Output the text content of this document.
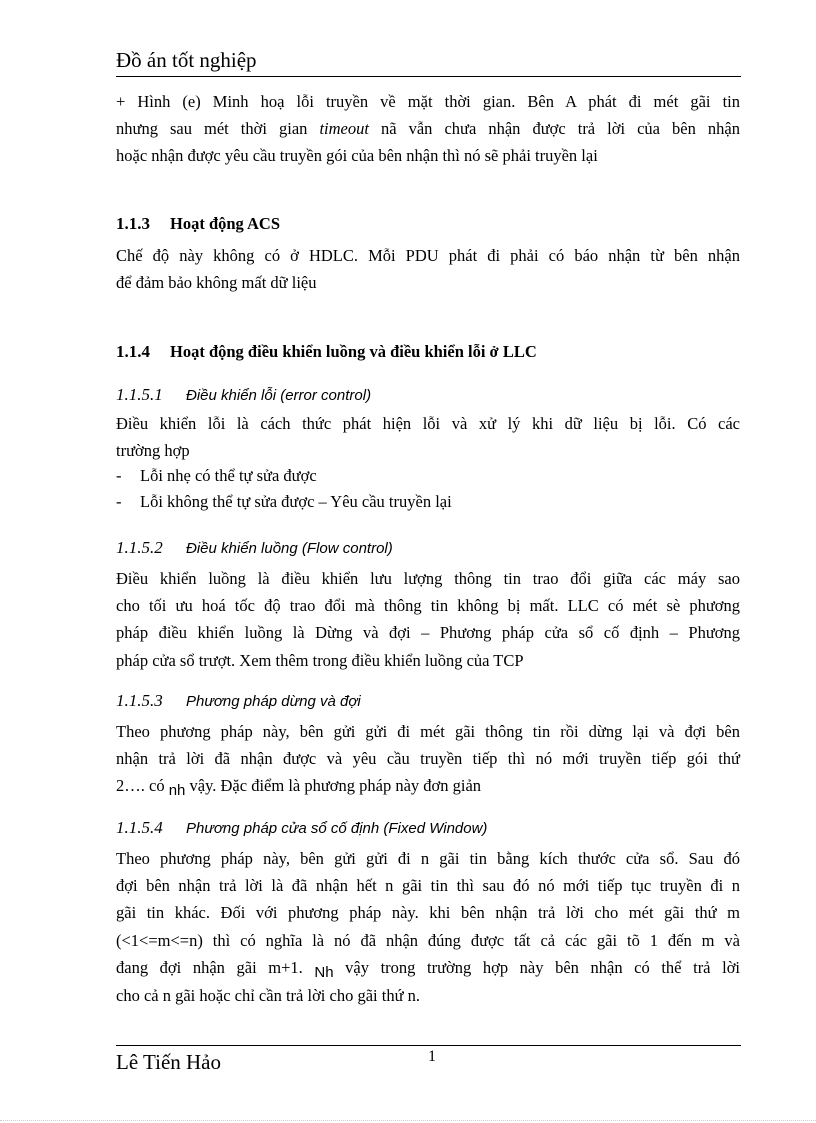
Đồ án tốt nghiệp
+ Hình (e) Minh hoạ lỗi truyền về mặt thời gian. Bên A phát đi mét gãi tin
nhưng sau mét thời gian timeout nã vẫn chưa nhận được trả lời của bên nhận
hoặc nhận được yêu cầu truyền gói của bên nhận thì nó sẽ phải truyền lại
1.1.3 Hoạt động ACS
Chế độ này không có ở HDLC. Mỗi PDU phát đi phải có báo nhận từ bên nhận
để đảm bảo không mất dữ liệu
1.1.4 Hoạt động điều khiển luồng và điều khiển lỗi ở LLC
1.1.5.1 Điều khiển lỗi (error control)
Điều khiển lỗi là cách thức phát hiện lỗi và xử lý khi dữ liệu bị lỗi. Có các
trường hợp
- Lỗi nhẹ có thể tự sửa được
- Lỗi không thể tự sửa được – Yêu cầu truyền lại
1.1.5.2 Điều khiển luồng (Flow control)
Điều khiển luồng là điều khiển lưu lượng thông tin trao đổi giữa các máy sao
cho tối ưu hoá tốc độ trao đổi mà thông tin không bị mất. LLC có mét sè phương
pháp điều khiển luồng là Dừng và đợi – Phương pháp cửa sổ cố định – Phương
pháp cửa sổ trượt. Xem thêm trong điều khiển luồng của TCP
1.1.5.3 Phương pháp dừng và đợi
Theo phương pháp này, bên gửi gửi đi mét gãi thông tin rồi dừng lại và đợi bên
nhận trả lời đã nhận được và yêu cầu truyền tiếp thì nó mới truyền tiếp gói thứ
2…. có nh vậy. Đặc điểm là phương pháp này đơn giản
1.1.5.4 Phương pháp cửa sổ cố định (Fixed Window)
Theo phương pháp này, bên gửi gửi đi n gãi tin bằng kích thước cửa sổ. Sau đó
đợi bên nhận trả lời là đã nhận hết n gãi tin thì sau đó nó mới tiếp tục truyền đi n
gãi tin khác. Đối với phương pháp này. khi bên nhận trả lời cho mét gãi thứ m
(<1<=m<=n) thì có nghĩa là nó đã nhận đúng được tất cả các gãi tõ 1 đến m và
đang đợi nhận gãi m+1. Nh vậy trong trường hợp này bên nhận có thể trả lời
cho cả n gãi hoặc chỉ cần trả lời cho gãi thứ n.
Lê Tiến Hảo	1
